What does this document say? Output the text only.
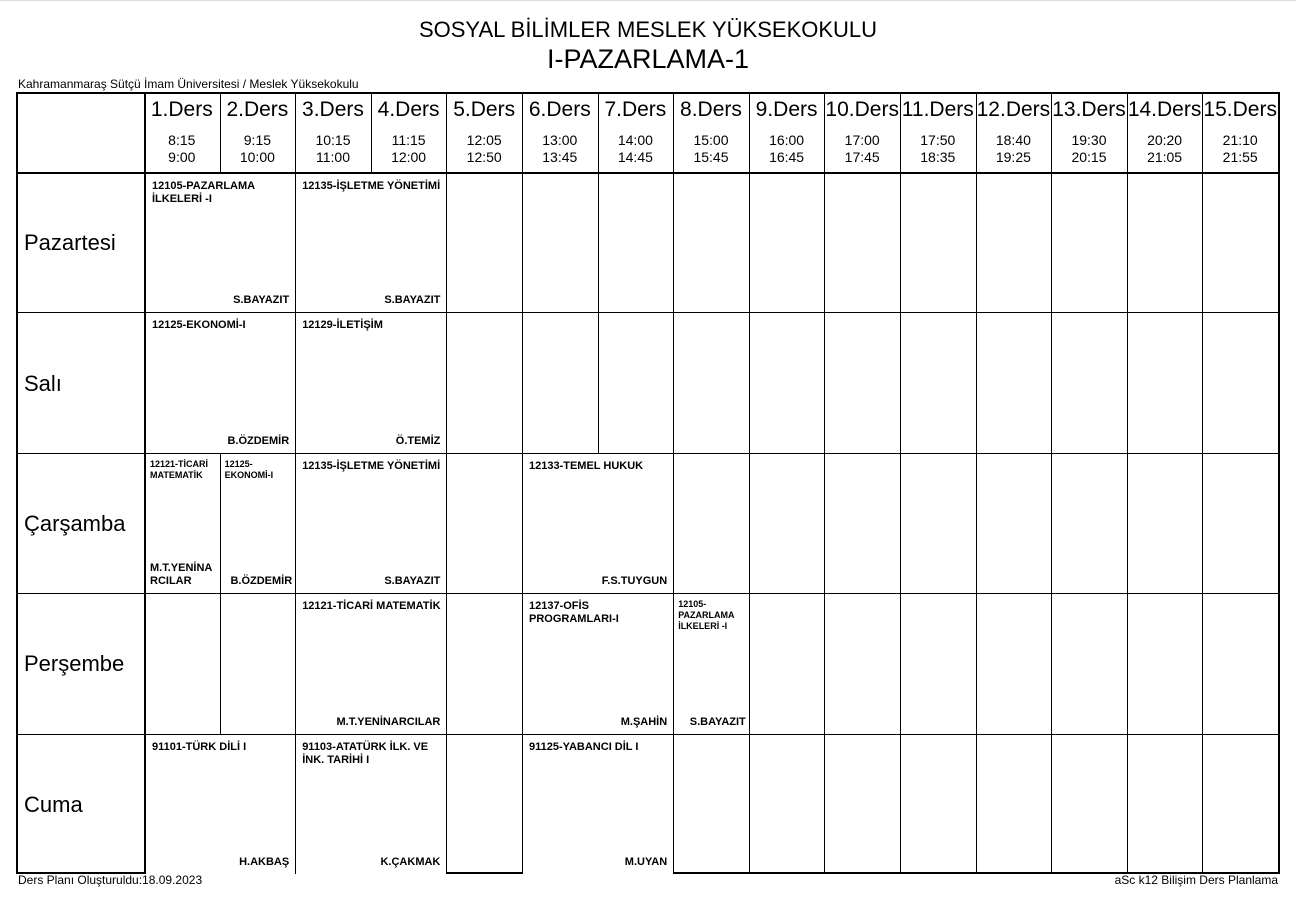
SOSYAL BİLİMLER MESLEK YÜKSEKOKULU
I-PAZARLAMA-1
Kahramanmaraş Sütçü İmam Üniversitesi / Meslek Yüksekokulu
1.Ders
8:15
9:00
2.Ders
9:15
10:00
3.Ders
10:15
11:00
4.Ders
11:15
12:00
5.Ders
12:05
12:50
6.Ders
13:00
13:45
7.Ders
14:00
14:45
8.Ders
15:00
15:45
9.Ders
16:00
16:45
10.Ders
17:00
17:45
11.Ders
17:50
18:35
12.Ders
18:40
19:25
13.Ders
19:30
20:15
14.Ders
20:20
21:05
15.Ders
21:10
21:55
Pazartesi
Salı
Çarşamba
Perşembe
Cuma
12105-PAZARLAMA İLKELERİ -I
S.BAYAZIT
12135-İŞLETME YÖNETİMİ
S.BAYAZIT
12125-EKONOMİ-I
B.ÖZDEMİR
12129-İLETİŞİM
Ö.TEMİZ
12121-TİCARİ MATEMATİK
M.T.YENİNARCILAR
12125-EKONOMİ-I
B.ÖZDEMİR
12135-İŞLETME YÖNETİMİ
S.BAYAZIT
12133-TEMEL HUKUK
F.S.TUYGUN
12121-TİCARİ MATEMATİK
M.T.YENİNARCILAR
12137-OFİS PROGRAMLARI-I
M.ŞAHİN
12105-PAZARLAMA İLKELERİ -I
S.BAYAZIT
91101-TÜRK DİLİ I
H.AKBAŞ
91103-ATATÜRK İLK. VE İNK. TARİHİ I
K.ÇAKMAK
91125-YABANCI DİL I
M.UYAN
Ders Planı Oluşturuldu:18.09.2023	aSc k12 Bilişim Ders Planlama
